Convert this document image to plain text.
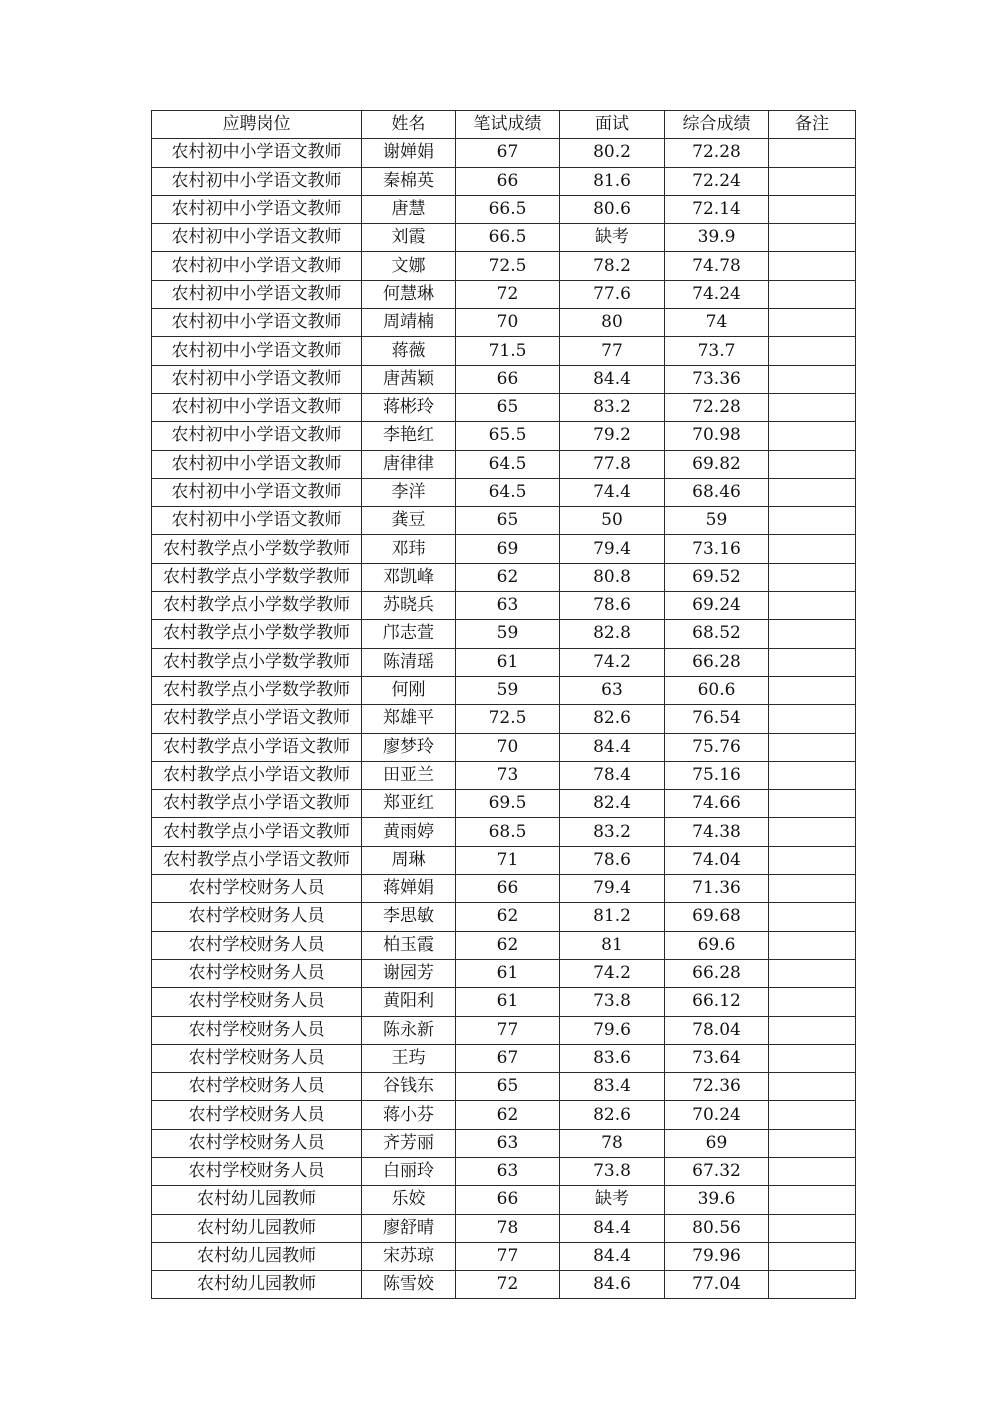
应聘岗位	姓名	笔试成绩	面试	综合成绩	备注
农村初中小学语文教师	谢婵娟	67	80.2	72.28	
农村初中小学语文教师	秦棉英	66	81.6	72.24	
农村初中小学语文教师	唐慧	66.5	80.6	72.14	
农村初中小学语文教师	刘霞	66.5	缺考	39.9	
农村初中小学语文教师	文娜	72.5	78.2	74.78	
农村初中小学语文教师	何慧琳	72	77.6	74.24	
农村初中小学语文教师	周靖楠	70	80	74	
农村初中小学语文教师	蒋薇	71.5	77	73.7	
农村初中小学语文教师	唐茜颖	66	84.4	73.36	
农村初中小学语文教师	蒋彬玲	65	83.2	72.28	
农村初中小学语文教师	李艳红	65.5	79.2	70.98	
农村初中小学语文教师	唐律律	64.5	77.8	69.82	
农村初中小学语文教师	李洋	64.5	74.4	68.46	
农村初中小学语文教师	龚豆	65	50	59	
农村教学点小学数学教师	邓玮	69	79.4	73.16	
农村教学点小学数学教师	邓凯峰	62	80.8	69.52	
农村教学点小学数学教师	苏晓兵	63	78.6	69.24	
农村教学点小学数学教师	邝志萱	59	82.8	68.52	
农村教学点小学数学教师	陈清瑶	61	74.2	66.28	
农村教学点小学数学教师	何刚	59	63	60.6	
农村教学点小学语文教师	郑雄平	72.5	82.6	76.54	
农村教学点小学语文教师	廖梦玲	70	84.4	75.76	
农村教学点小学语文教师	田亚兰	73	78.4	75.16	
农村教学点小学语文教师	郑亚红	69.5	82.4	74.66	
农村教学点小学语文教师	黄雨婷	68.5	83.2	74.38	
农村教学点小学语文教师	周琳	71	78.6	74.04	
农村学校财务人员	蒋婵娟	66	79.4	71.36	
农村学校财务人员	李思敏	62	81.2	69.68	
农村学校财务人员	柏玉霞	62	81	69.6	
农村学校财务人员	谢园芳	61	74.2	66.28	
农村学校财务人员	黄阳利	61	73.8	66.12	
农村学校财务人员	陈永新	77	79.6	78.04	
农村学校财务人员	王玙	67	83.6	73.64	
农村学校财务人员	谷钱东	65	83.4	72.36	
农村学校财务人员	蒋小芬	62	82.6	70.24	
农村学校财务人员	齐芳丽	63	78	69	
农村学校财务人员	白丽玲	63	73.8	67.32	
农村幼儿园教师	乐姣	66	缺考	39.6	
农村幼儿园教师	廖舒晴	78	84.4	80.56	
农村幼儿园教师	宋苏琼	77	84.4	79.96	
农村幼儿园教师	陈雪姣	72	84.6	77.04	
